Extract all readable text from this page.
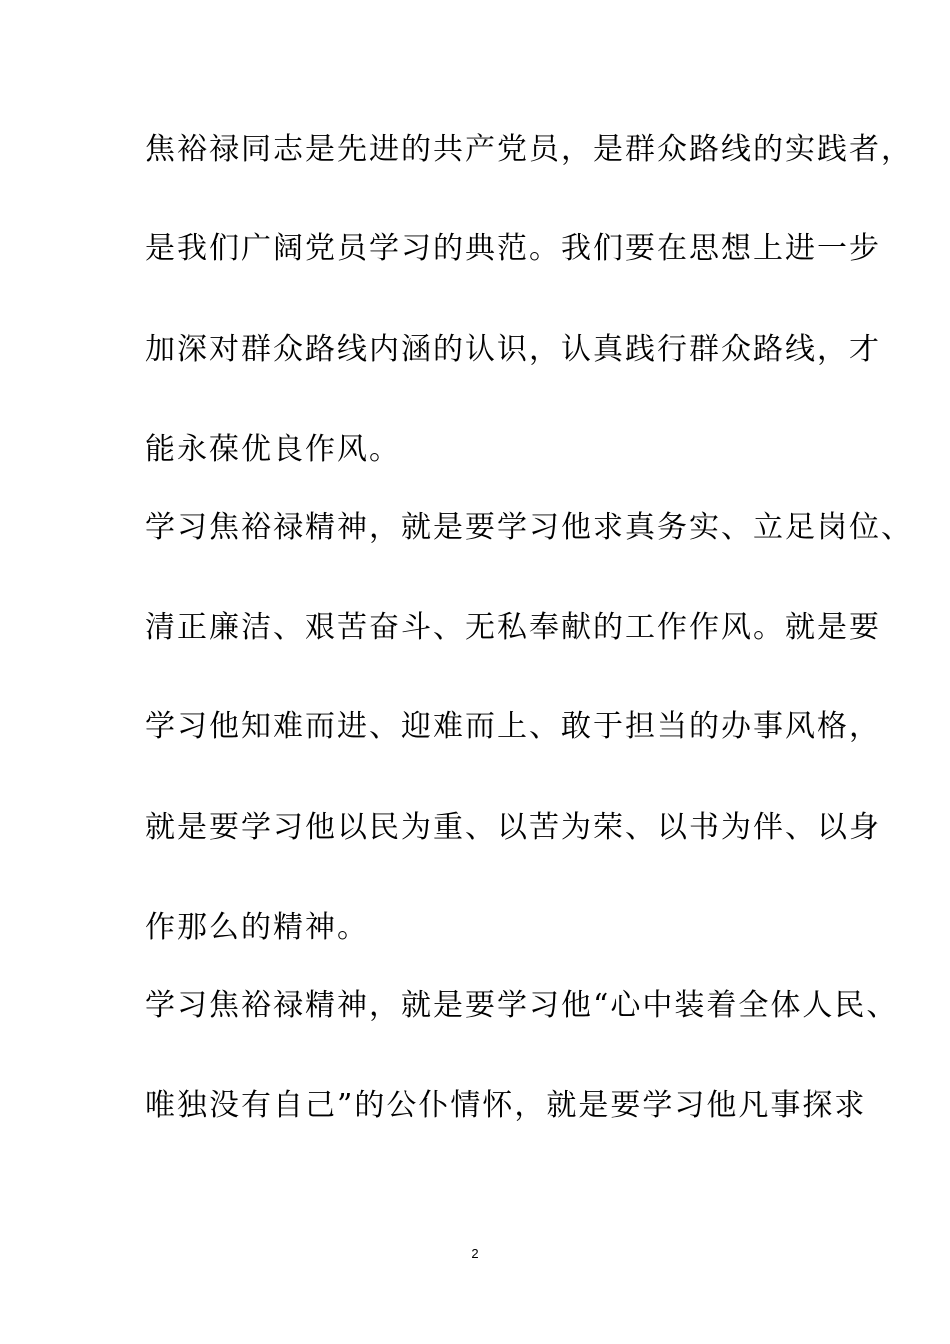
焦裕禄同志是先进的共产党员，是群众路线的实践者，

是我们广阔党员学习的典范。我们要在思想上进一步

加深对群众路线内涵的认识，认真践行群众路线，才

能永葆优良作风。

学习焦裕禄精神，就是要学习他求真务实、立足岗位、

清正廉洁、艰苦奋斗、无私奉献的工作作风。就是要

学习他知难而进、迎难而上、敢于担当的办事风格，

就是要学习他以民为重、以苦为荣、以书为伴、以身

作那么的精神。

学习焦裕禄精神，就是要学习他“心中装着全体人民、

唯独没有自己”的公仆情怀，就是要学习他凡事探求

2
